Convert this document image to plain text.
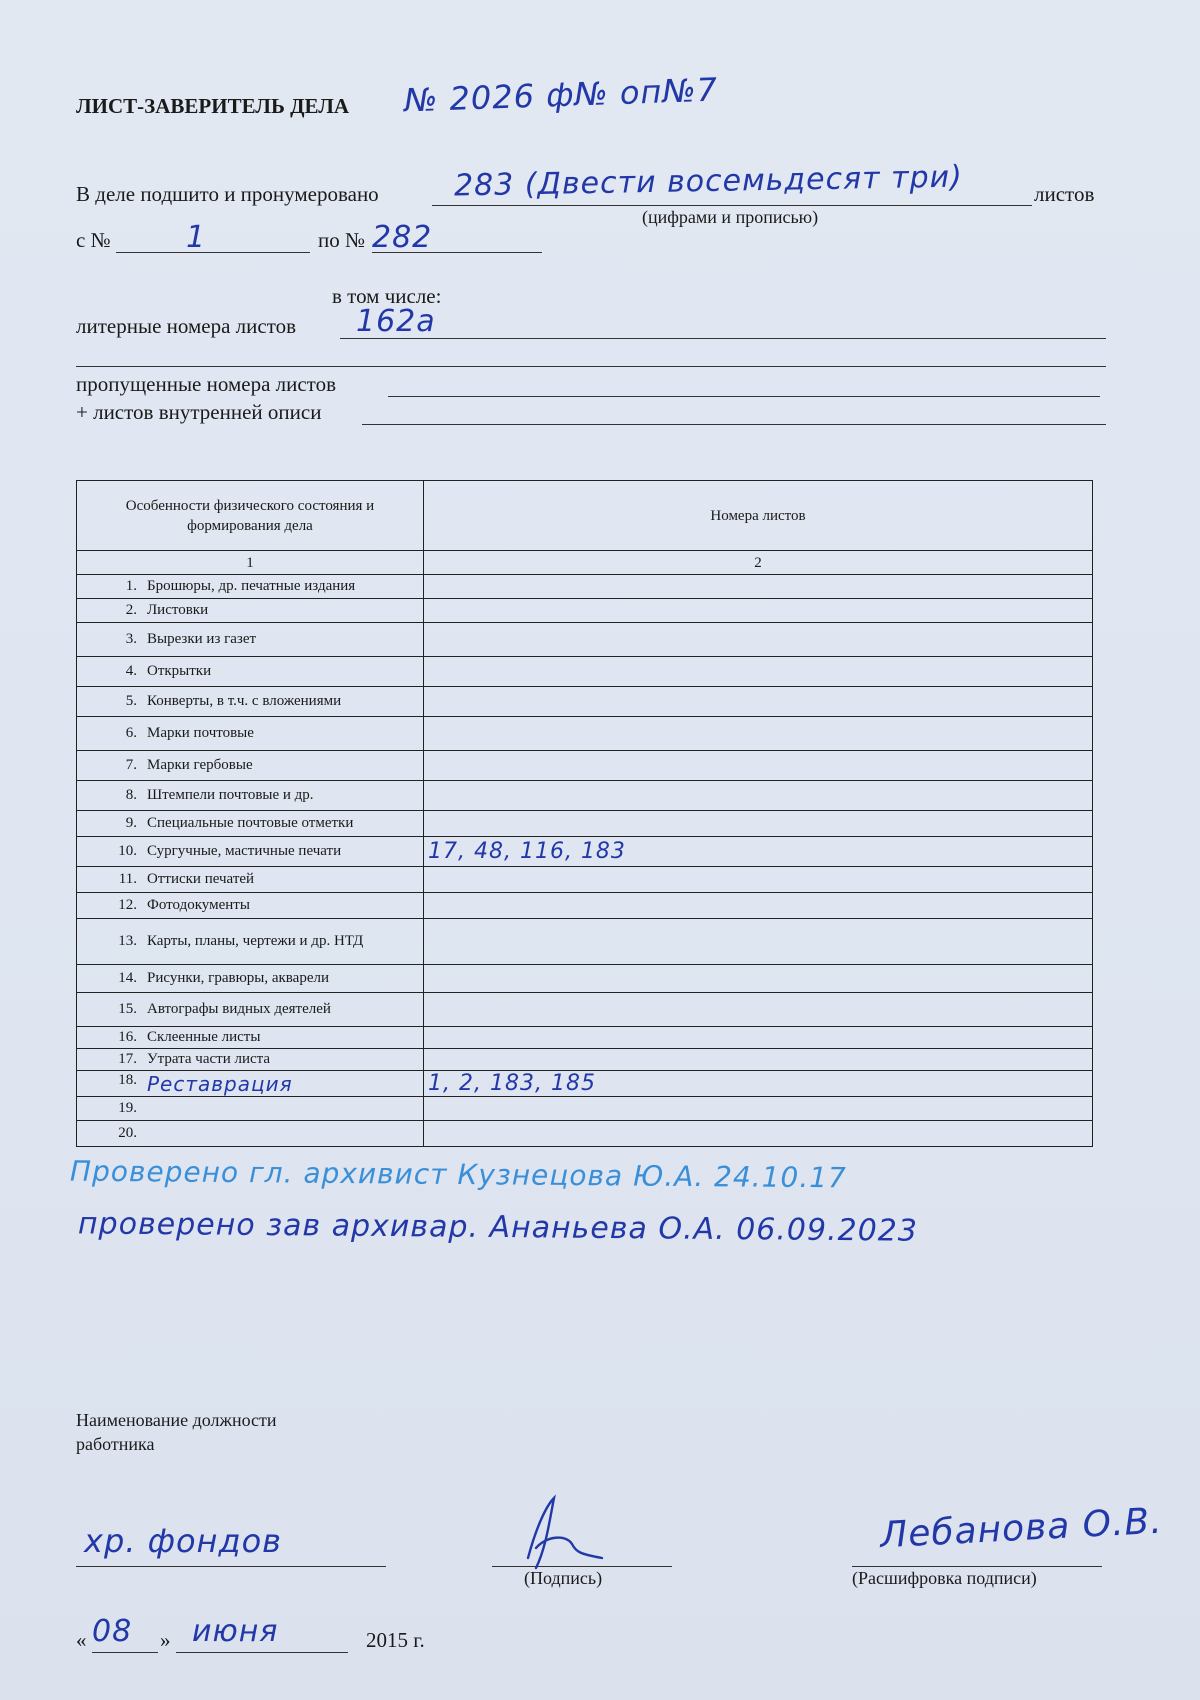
ЛИСТ-ЗАВЕРИТЕЛЬ ДЕЛА № 2026 ф№ оп№7
В деле подшито и пронумеровано	283 (Двести восемьдесят три)	листов
(цифрами и прописью)
с №	1	по № 282
в том числе:
литерные номера листов 162а
пропущенные номера листов
+ листов внутренней описи
Особенности физического состояния и формирования дела	Номера листов
1	2
1. Брошюры, др. печатные издания	
2. Листовки	
3. Вырезки из газет	
4. Открытки	
5. Конверты, в т.ч. с вложениями	
6. Марки почтовые	
7. Марки гербовые	
8. Штемпели почтовые и др.	
9. Специальные почтовые отметки	
10. Сургучные, мастичные печати	17, 48, 116, 183
11. Оттиски печатей	
12. Фотодокументы	
13. Карты, планы, чертежи и др. НТД	
14. Рисунки, гравюры, акварели	
15. Автографы видных деятелей	
16. Склеенные листы	
17. Утрата части листа	
18. Реставрация	1, 2, 183, 185
19.	
20.	
Проверено гл. архивист Кузнецова Ю.А. 24.10.17
проверено зав архивар. Ананьева О.А. 06.09.2023
Наименование должности
работника
хр. фондов
(Подпись)
Лебанова О.В.
(Расшифровка подписи)
« 08 » июня	2015 г.
